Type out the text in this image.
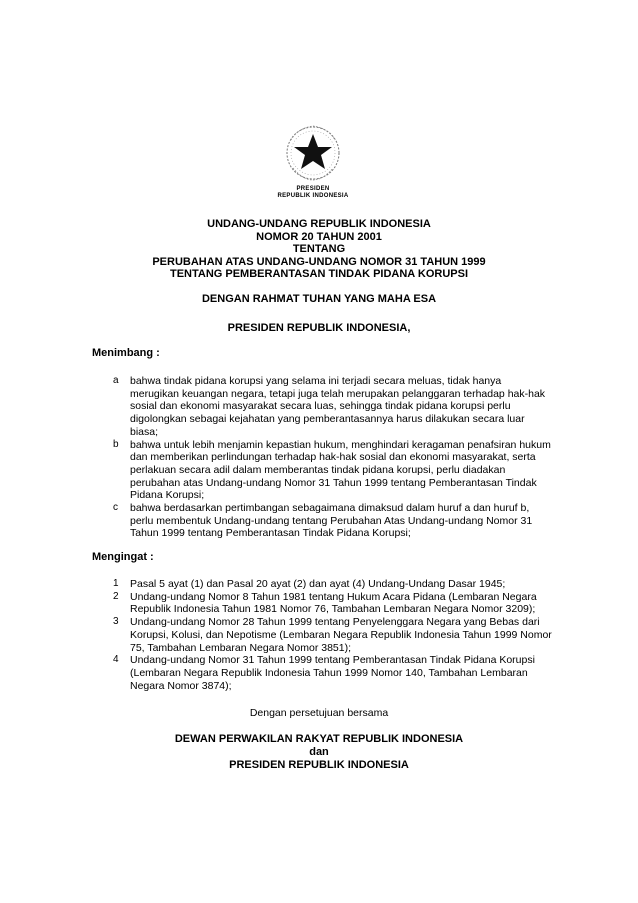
PRESIDEN
REPUBLIK INDONESIA
UNDANG-UNDANG REPUBLIK INDONESIA
NOMOR 20 TAHUN 2001
TENTANG
PERUBAHAN ATAS UNDANG-UNDANG NOMOR 31 TAHUN 1999
TENTANG PEMBERANTASAN TINDAK PIDANA KORUPSI
DENGAN RAHMAT TUHAN YANG MAHA ESA
PRESIDEN REPUBLIK INDONESIA,
Menimbang :
a	bahwa tindak pidana korupsi yang selama ini terjadi secara meluas, tidak hanya merugikan keuangan negara, tetapi juga telah merupakan pelanggaran terhadap hak-hak sosial dan ekonomi masyarakat secara luas, sehingga tindak pidana korupsi perlu digolongkan sebagai kejahatan yang pemberantasannya harus dilakukan secara luar biasa;
b	bahwa untuk lebih menjamin kepastian hukum, menghindari keragaman penafsiran hukum dan memberikan perlindungan terhadap hak-hak sosial dan ekonomi masyarakat, serta perlakuan secara adil dalam memberantas tindak pidana korupsi, perlu diadakan perubahan atas Undang-undang Nomor 31 Tahun 1999 tentang Pemberantasan Tindak Pidana Korupsi;
c	bahwa berdasarkan pertimbangan sebagaimana dimaksud dalam huruf a dan huruf b, perlu membentuk Undang-undang tentang Perubahan Atas Undang-undang Nomor 31 Tahun 1999 tentang Pemberantasan Tindak Pidana Korupsi;
Mengingat :
1	Pasal 5 ayat (1) dan Pasal 20 ayat (2) dan ayat (4) Undang-Undang Dasar 1945;
2	Undang-undang Nomor 8 Tahun 1981 tentang Hukum Acara Pidana (Lembaran Negara Republik Indonesia Tahun 1981 Nomor 76, Tambahan Lembaran Negara Nomor 3209);
3	Undang-undang Nomor 28 Tahun 1999 tentang Penyelenggara Negara yang Bebas dari Korupsi, Kolusi, dan Nepotisme (Lembaran Negara Republik Indonesia Tahun 1999 Nomor 75, Tambahan Lembaran Negara Nomor 3851);
4	Undang-undang Nomor 31 Tahun 1999 tentang Pemberantasan Tindak Pidana Korupsi (Lembaran Negara Republik Indonesia Tahun 1999 Nomor 140, Tambahan Lembaran Negara Nomor 3874);
Dengan persetujuan bersama
DEWAN PERWAKILAN RAKYAT REPUBLIK INDONESIA
dan
PRESIDEN REPUBLIK INDONESIA
